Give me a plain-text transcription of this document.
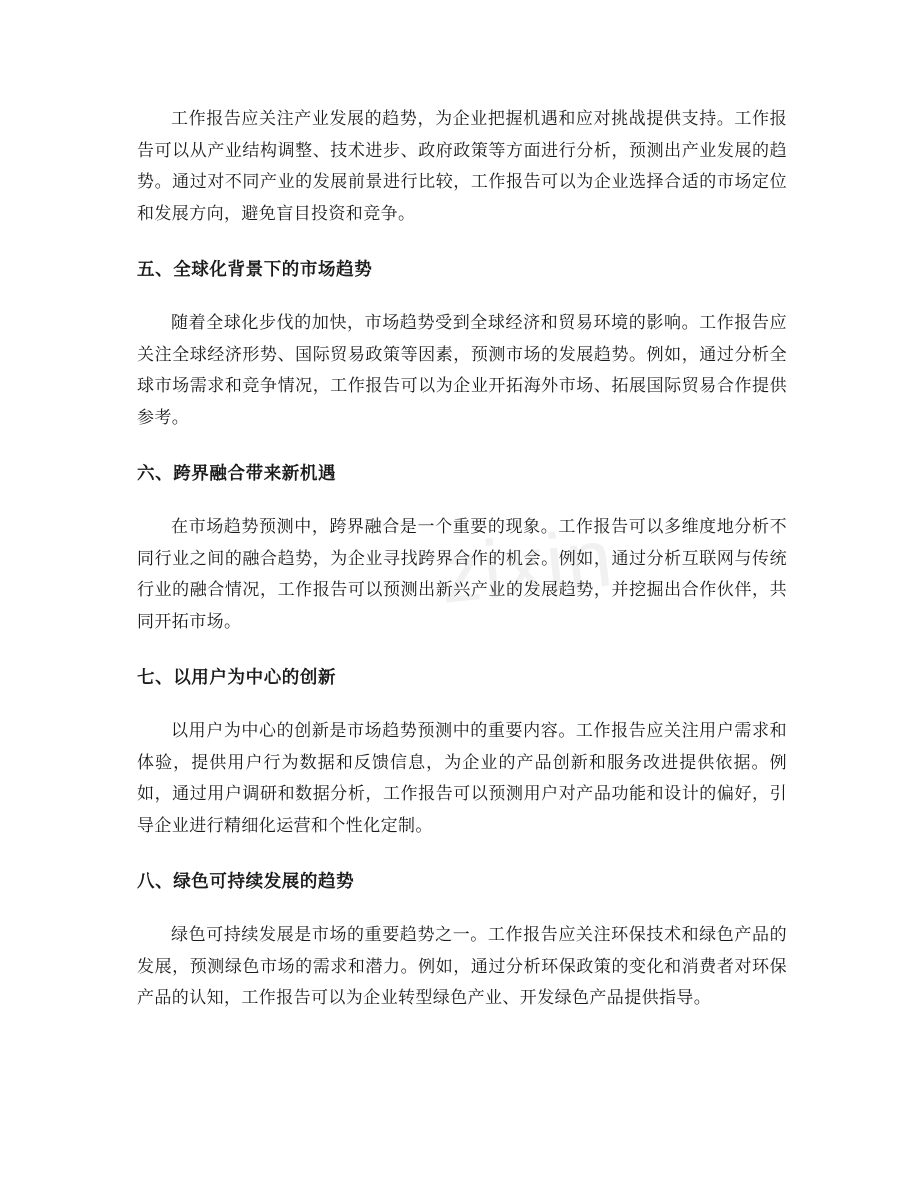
zixin

工作报告应关注产业发展的趋势，为企业把握机遇和应对挑战提供支持。工作报告可以从产业结构调整、技术进步、政府政策等方面进行分析，预测出产业发展的趋势。通过对不同产业的发展前景进行比较，工作报告可以为企业选择合适的市场定位和发展方向，避免盲目投资和竞争。

五、全球化背景下的市场趋势

随着全球化步伐的加快，市场趋势受到全球经济和贸易环境的影响。工作报告应关注全球经济形势、国际贸易政策等因素，预测市场的发展趋势。例如，通过分析全球市场需求和竞争情况，工作报告可以为企业开拓海外市场、拓展国际贸易合作提供参考。

六、跨界融合带来新机遇

在市场趋势预测中，跨界融合是一个重要的现象。工作报告可以多维度地分析不同行业之间的融合趋势，为企业寻找跨界合作的机会。例如，通过分析互联网与传统行业的融合情况，工作报告可以预测出新兴产业的发展趋势，并挖掘出合作伙伴，共同开拓市场。

七、以用户为中心的创新

以用户为中心的创新是市场趋势预测中的重要内容。工作报告应关注用户需求和体验，提供用户行为数据和反馈信息，为企业的产品创新和服务改进提供依据。例如，通过用户调研和数据分析，工作报告可以预测用户对产品功能和设计的偏好，引导企业进行精细化运营和个性化定制。

八、绿色可持续发展的趋势

绿色可持续发展是市场的重要趋势之一。工作报告应关注环保技术和绿色产品的发展，预测绿色市场的需求和潜力。例如，通过分析环保政策的变化和消费者对环保产品的认知，工作报告可以为企业转型绿色产业、开发绿色产品提供指导。
